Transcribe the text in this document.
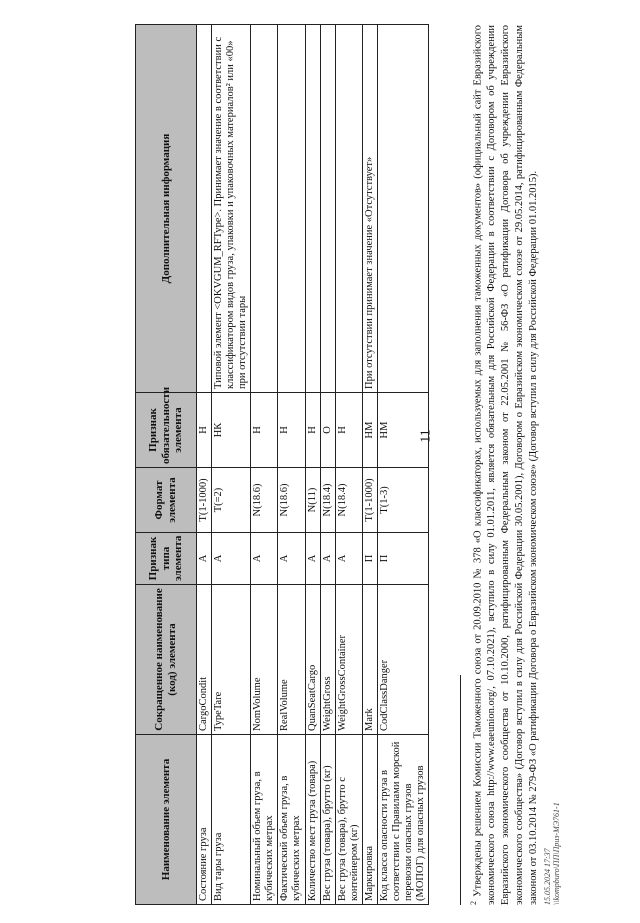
11
Наименование элемента	Сокращенное наименование (код) элемента	Признак типа элемента	Формат элемента	Признак обязательности элемента	Дополнительная информация
Состояние груза	CargoCondit	А	T(1-1000)	Н	
Вид тары груза	TypeTare	А	T(=2)	НК	Типовой элемент <OKVGUM_RFType>. Принимает значение в соответствии с классификатором видов груза, упаковки и упаковочных материалов² или «00» при отсутствии тары
Номинальный объем груза, в кубических метрах	NomVolume	А	N(18.6)	Н	
Фактический объем груза, в кубических метрах	RealVolume	А	N(18.6)	Н	
Количество мест груза (товара)	QuanSeatCargo	А	N(11)	Н	
Вес груза (товара), брутто (кг)	WeightGross	А	N(18.4)	О	
Вес груза (товара), брутто с контейнером (кг)	WeightGrossContainer	А	N(18.4)	Н	
Маркировка	Mark	П	T(1-1000)	НМ	При отсутствии принимает значение «Отсутствует»
Код класса опасности груза в соответствии с Правилами морской перевозки опасных грузов (МОПОГ) для опасных грузов	CodClassDanger	П	T(1-3)	НМ	
$^2$ Утверждены решением Комиссии Таможенного союза от 20.09.2010 № 378 «О классификаторах, используемых для заполнения таможенных документов» (официальный сайт Евразийского экономического союза http://www.eaeunion.org/, 07.10.2021), вступило в силу 01.01.2011, является обязательным для Российской Федерации в соответствии с Договором об учреждении Евразийского экономического сообщества от 10.10.2000, ратифицированным Федеральным законом от 22.05.2001 № 56-ФЗ «О ратификации Договора об учреждении Евразийского экономического сообщества» (Договор вступил в силу для Российской Федерации 30.05.2001), Договором о Евразийском экономическом союзе от 29.05.2014, ратифицированным Федеральным законом от 03.10.2014 № 279-ФЗ «О ратификации Договора о Евразийском экономическом союзе» (Договор вступил в силу для Российской Федерации 01.01.2015). 15.05.2024 17:37 \\kompburo\ПП\Приз-МЭ761-1
